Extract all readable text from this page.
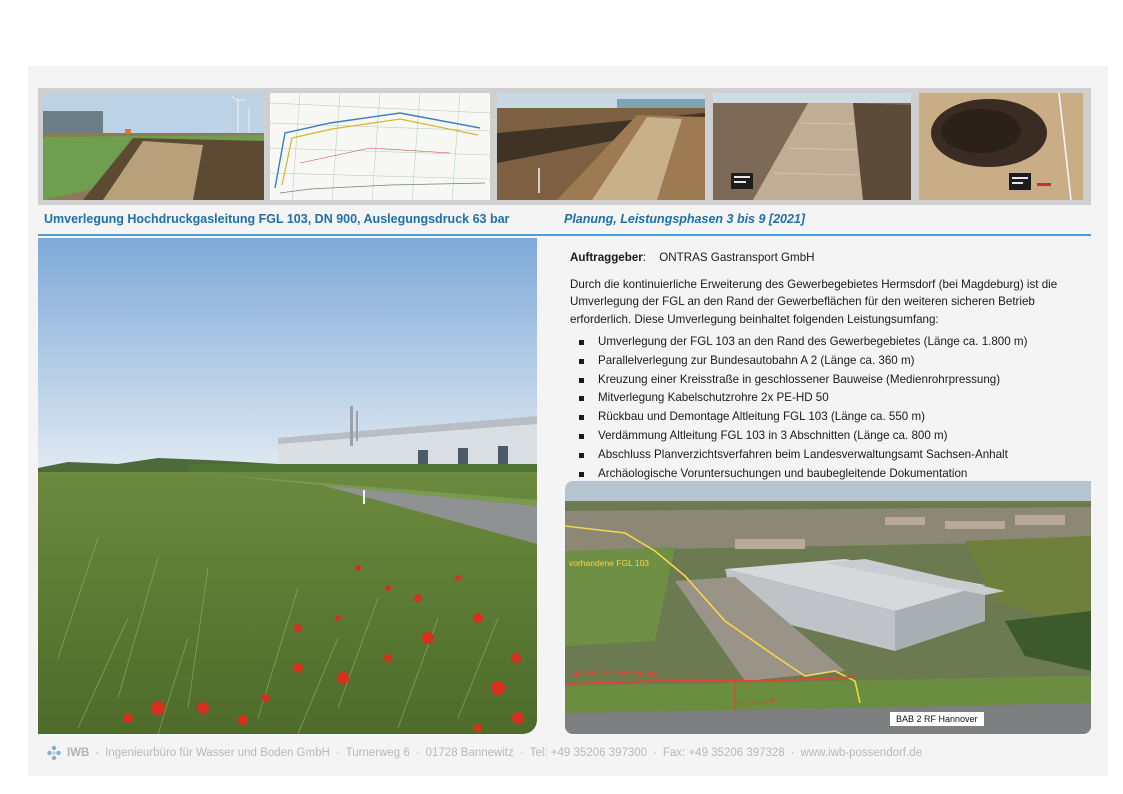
Umverlegung Hochdruckgasleitung FGL 103, DN 900, Auslegungsdruck 63 bar	Planung, Leistungsphasen 3 bis 9 [2021]
Auftraggeber: ONTRAS Gastransport GmbH

Durch die kontinuierliche Erweiterung des Gewerbegebietes Hermsdorf (bei Magdeburg) ist die Umverlegung der FGL an den Rand der Gewerbeflächen für den weiteren sicheren Betrieb erforderlich. Diese Umverlegung beinhaltet folgenden Leistungsumfang:

Umverlegung der FGL 103 an den Rand des Gewerbegebietes (Länge ca. 1.800 m)
Parallelverlegung zur Bundesautobahn A 2 (Länge ca. 360 m)
Kreuzung einer Kreisstraße in geschlossener Bauweise (Medienrohrpressung)
Mitverlegung Kabelschutzrohre 2x PE-HD 50
Rückbau und Demontage Altleitung FGL 103 (Länge ca. 550 m)
Verdämmung Altleitung FGL 103 in 3 Abschnitten (Länge ca. 800 m)
Abschluss Planverzichtsverfahren beim Landesverwaltungsamt Sachsen-Anhalt
Archäologische Voruntersuchungen und baubegleitende Dokumentation
vorhandene FGL 103
geplante Umverlegung
ca. 40,00 m
BAB 2 RF Hannover
IWB - Ingenieurbüro für Wasser und Boden GmbH · Turnerweg 6 · 01728 Bannewitz · Tel: +49 35206 397300 · Fax: +49 35206 397328 · www.iwb-possendorf.de
